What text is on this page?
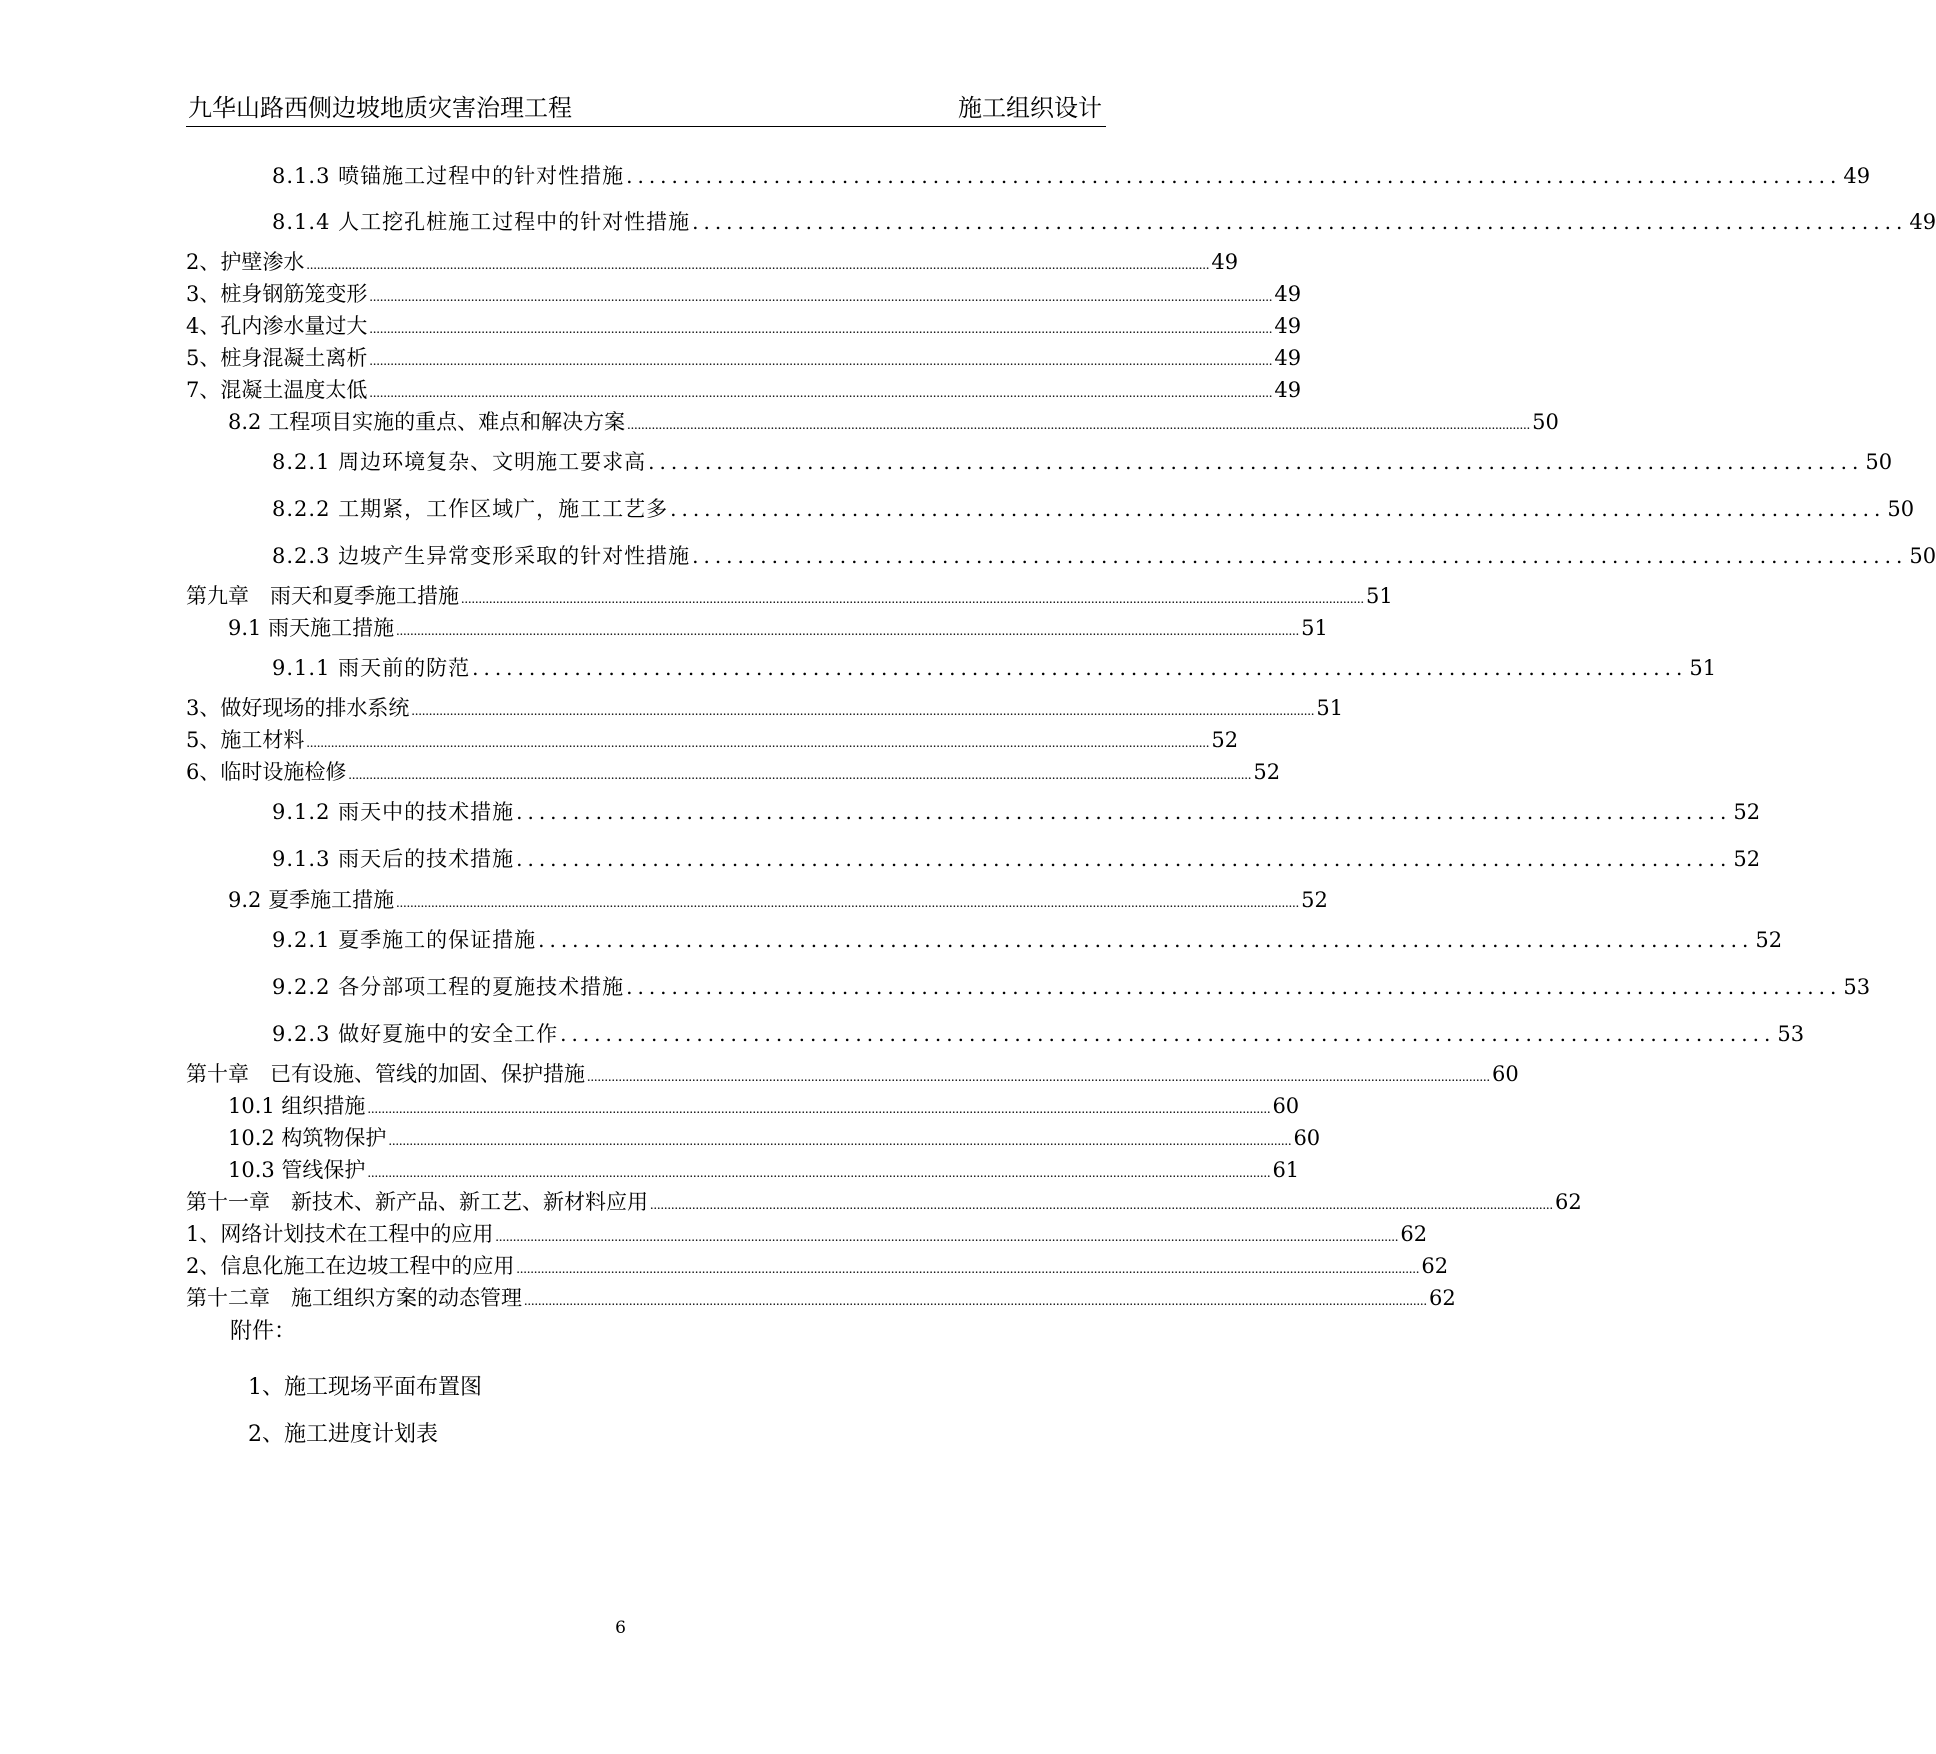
九华山路西侧边坡地质灾害治理工程	施工组织设计
8.1.3 喷锚施工过程中的针对性措施 ........................................................................................................... 49
8.1.4 人工挖孔桩施工过程中的针对性措施 ........................................................................................................... 49
2、护壁渗水 .................................................................................................................................................................................................................................................................. 49
3、桩身钢筋笼变形 .................................................................................................................................................................................................................................................................. 49
4、孔内渗水量过大 .................................................................................................................................................................................................................................................................. 49
5、桩身混凝土离析 .................................................................................................................................................................................................................................................................. 49
7、混凝土温度太低 .................................................................................................................................................................................................................................................................. 49
8.2 工程项目实施的重点、难点和解决方案 .................................................................................................................................................................................................................................................................. 50
8.2.1 周边环境复杂、文明施工要求高 ........................................................................................................... 50
8.2.2 工期紧，工作区域广，施工工艺多 ........................................................................................................... 50
8.2.3 边坡产生异常变形采取的针对性措施 ........................................................................................................... 50
第九章　雨天和夏季施工措施 .................................................................................................................................................................................................................................................................. 51
9.1 雨天施工措施 .................................................................................................................................................................................................................................................................. 51
9.1.1 雨天前的防范 ........................................................................................................... 51
3、做好现场的排水系统 .................................................................................................................................................................................................................................................................. 51
5、施工材料 .................................................................................................................................................................................................................................................................. 52
6、临时设施检修 .................................................................................................................................................................................................................................................................. 52
9.1.2 雨天中的技术措施 ........................................................................................................... 52
9.1.3 雨天后的技术措施 ........................................................................................................... 52
9.2 夏季施工措施 .................................................................................................................................................................................................................................................................. 52
9.2.1 夏季施工的保证措施 ........................................................................................................... 52
9.2.2 各分部项工程的夏施技术措施 ........................................................................................................... 53
9.2.3 做好夏施中的安全工作 ........................................................................................................... 53
第十章　已有设施、管线的加固、保护措施 .................................................................................................................................................................................................................................................................. 60
10.1 组织措施 .................................................................................................................................................................................................................................................................. 60
10.2 构筑物保护 .................................................................................................................................................................................................................................................................. 60
10.3 管线保护 .................................................................................................................................................................................................................................................................. 61
第十一章　新技术、新产品、新工艺、新材料应用 .................................................................................................................................................................................................................................................................. 62
1、网络计划技术在工程中的应用 .................................................................................................................................................................................................................................................................. 62
2、信息化施工在边坡工程中的应用 .................................................................................................................................................................................................................................................................. 62
第十二章　施工组织方案的动态管理 .................................................................................................................................................................................................................................................................. 62
附件：
1、施工现场平面布置图
2、施工进度计划表
6
